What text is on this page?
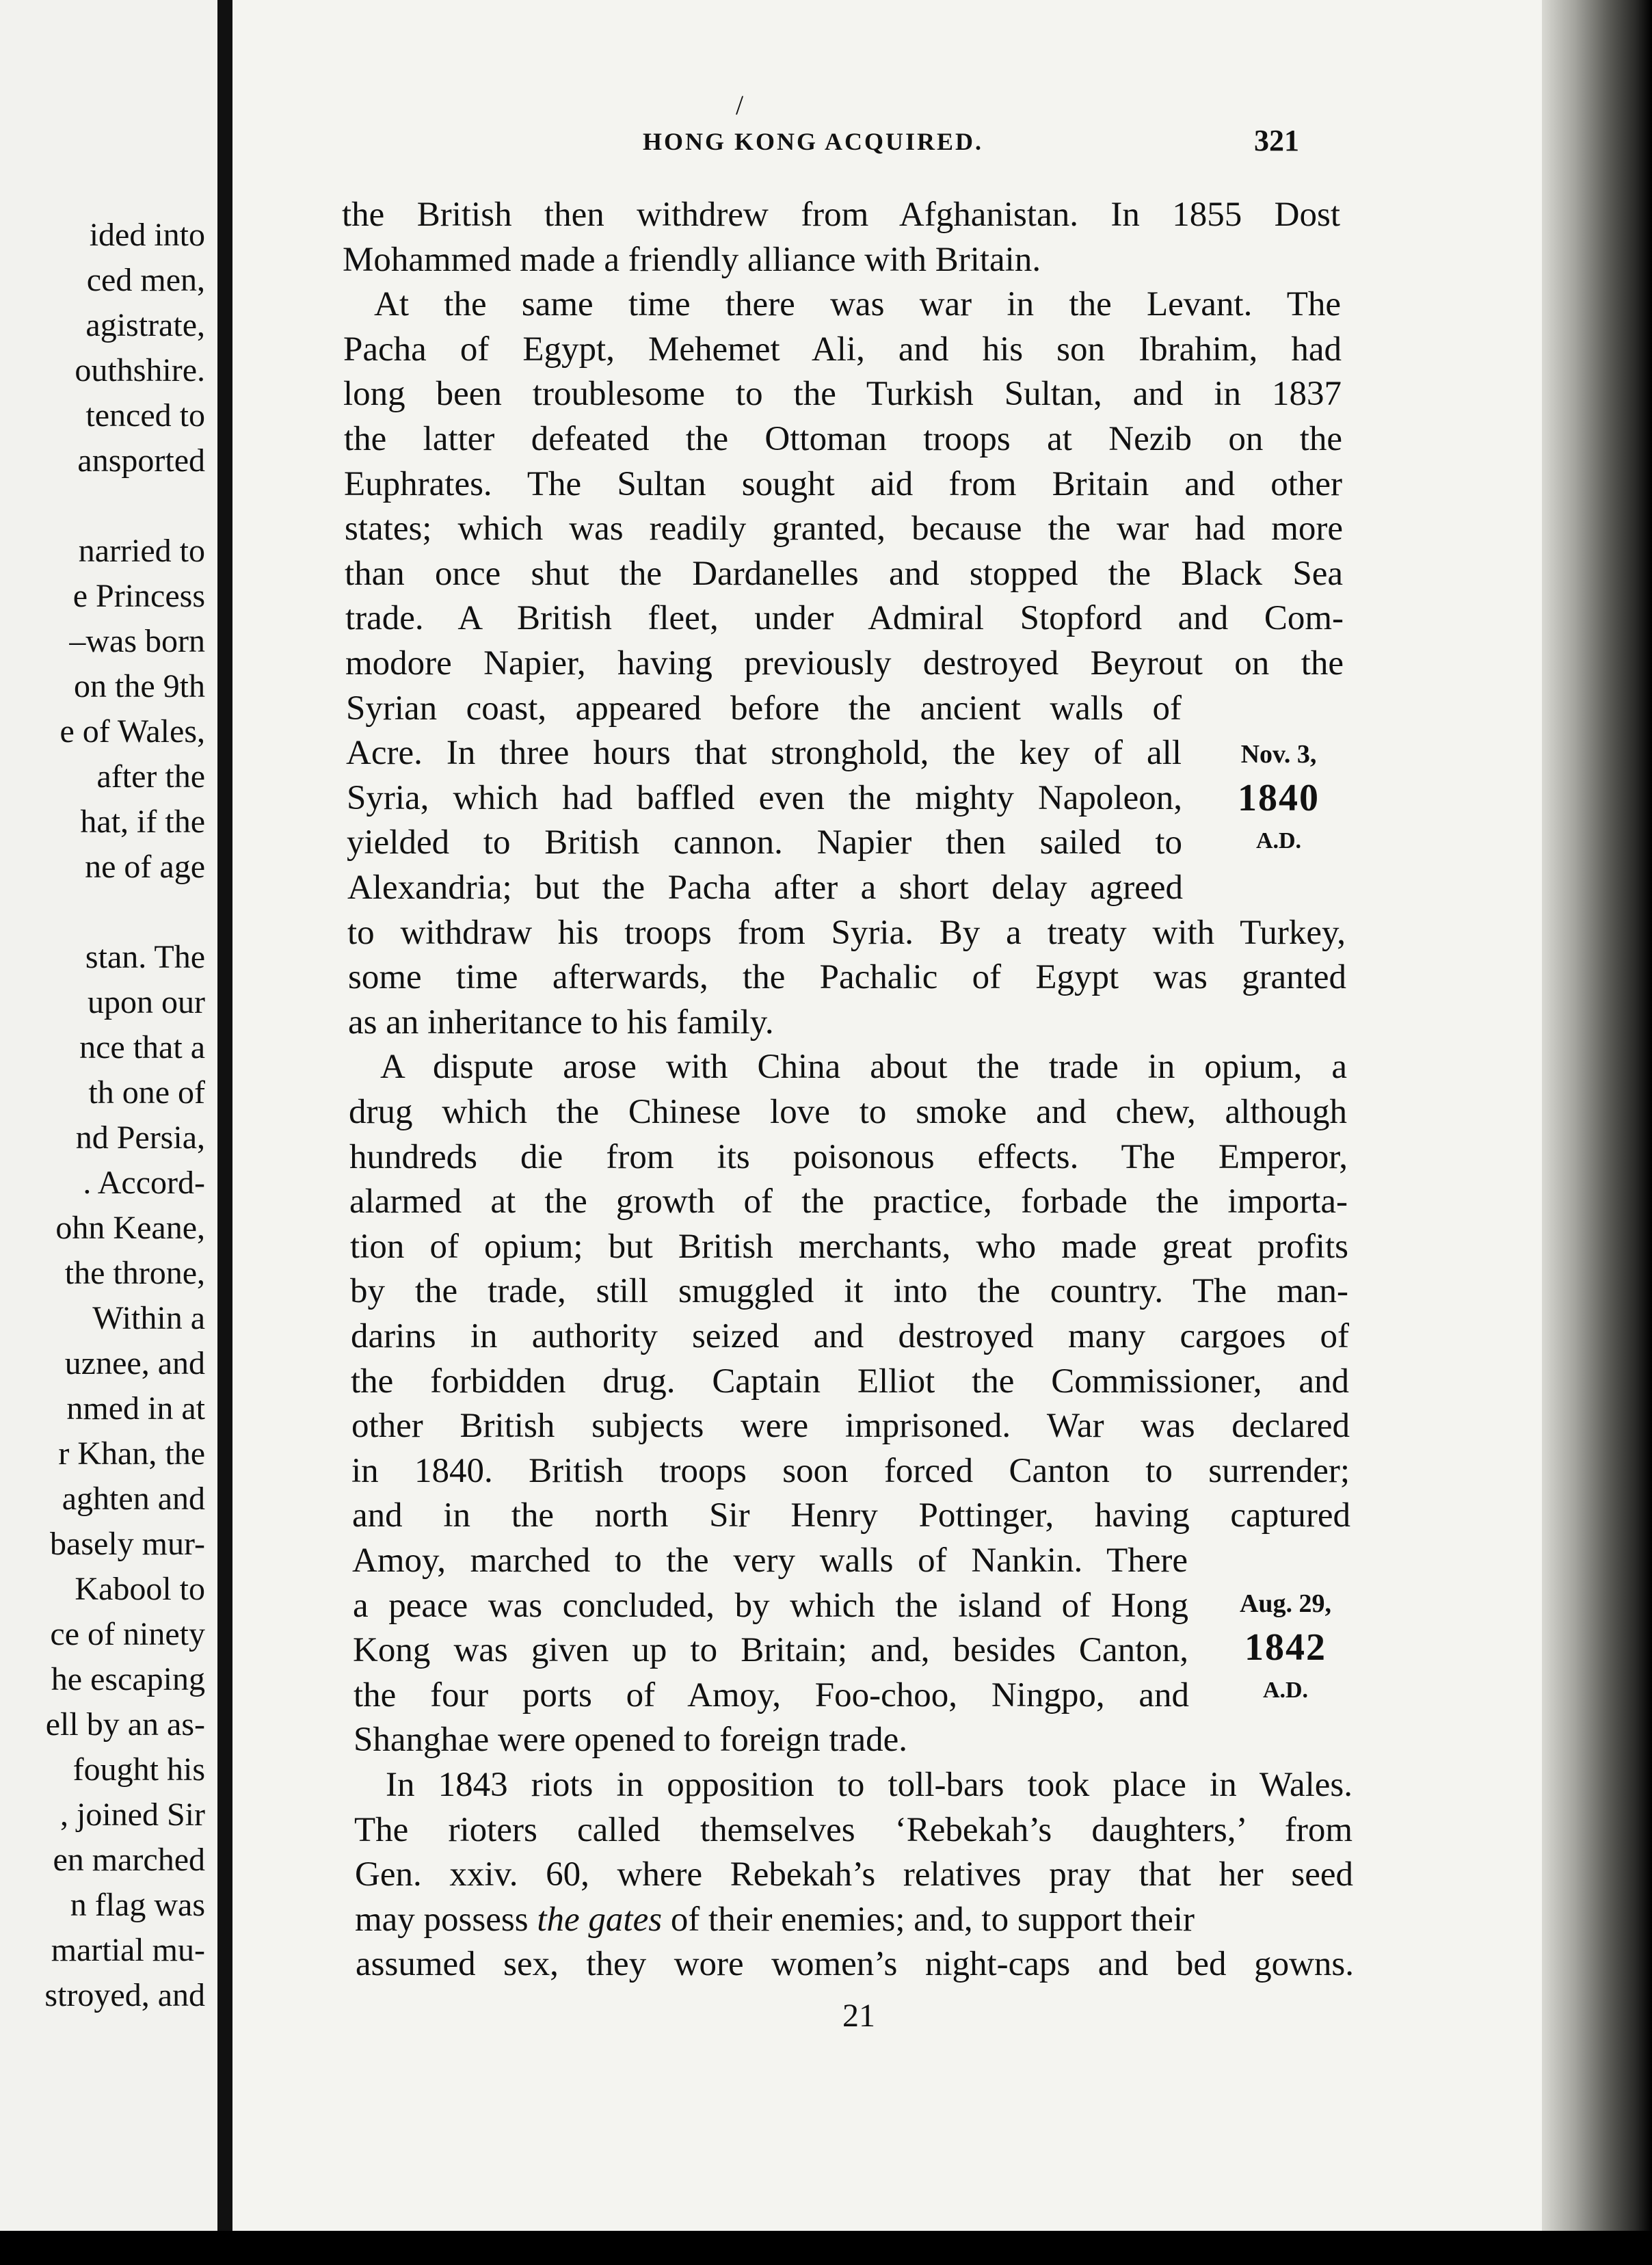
ided into
ced men,
agistrate,
outhshire.
tenced to
ansported
narried to
e Princess
–was born
on the 9th
e of Wales,
after the
hat, if the
ne of age
stan. The
upon our
nce that a
th one of
nd Persia,
. Accord-
ohn Keane,
the throne,
Within a
uznee, and
nmed in at
r Khan, the
aghten and
basely mur-
Kabool to
ce of ninety
he escaping
ell by an as-
fought his
, joined Sir
en marched
n flag was
martial mu-
stroyed, and
/
HONG KONG ACQUIRED.	321
the British then withdrew from Afghanistan. In 1855 Dost
Mohammed made a friendly alliance with Britain.
At the same time there was war in the Levant. The
Pacha of Egypt, Mehemet Ali, and his son Ibrahim, had
long been troublesome to the Turkish Sultan, and in 1837
the latter defeated the Ottoman troops at Nezib on the
Euphrates. The Sultan sought aid from Britain and other
states; which was readily granted, because the war had more
than once shut the Dardanelles and stopped the Black Sea
trade. A British fleet, under Admiral Stopford and Com-
modore Napier, having previously destroyed Beyrout on the
Syrian coast, appeared before the ancient walls of
Acre. In three hours that stronghold, the key of all
Syria, which had baffled even the mighty Napoleon,
yielded to British cannon. Napier then sailed to
Alexandria; but the Pacha after a short delay agreed
to withdraw his troops from Syria. By a treaty with Turkey,
some time afterwards, the Pachalic of Egypt was granted
as an inheritance to his family.
A dispute arose with China about the trade in opium, a
drug which the Chinese love to smoke and chew, although
hundreds die from its poisonous effects. The Emperor,
alarmed at the growth of the practice, forbade the importa-
tion of opium; but British merchants, who made great profits
by the trade, still smuggled it into the country. The man-
darins in authority seized and destroyed many cargoes of
the forbidden drug. Captain Elliot the Commissioner, and
other British subjects were imprisoned. War was declared
in 1840. British troops soon forced Canton to surrender;
and in the north Sir Henry Pottinger, having captured
Amoy, marched to the very walls of Nankin. There
a peace was concluded, by which the island of Hong
Kong was given up to Britain; and, besides Canton,
the four ports of Amoy, Foo-choo, Ningpo, and
Shanghae were opened to foreign trade.
In 1843 riots in opposition to toll-bars took place in Wales.
The rioters called themselves ‘Rebekah’s daughters,’ from
Gen. xxiv. 60, where Rebekah’s relatives pray that her seed
may possess the gates of their enemies; and, to support their
assumed sex, they wore women’s night-caps and bed gowns.
Nov. 3,
1840
A.D.
Aug. 29,
1842
A.D.
21
